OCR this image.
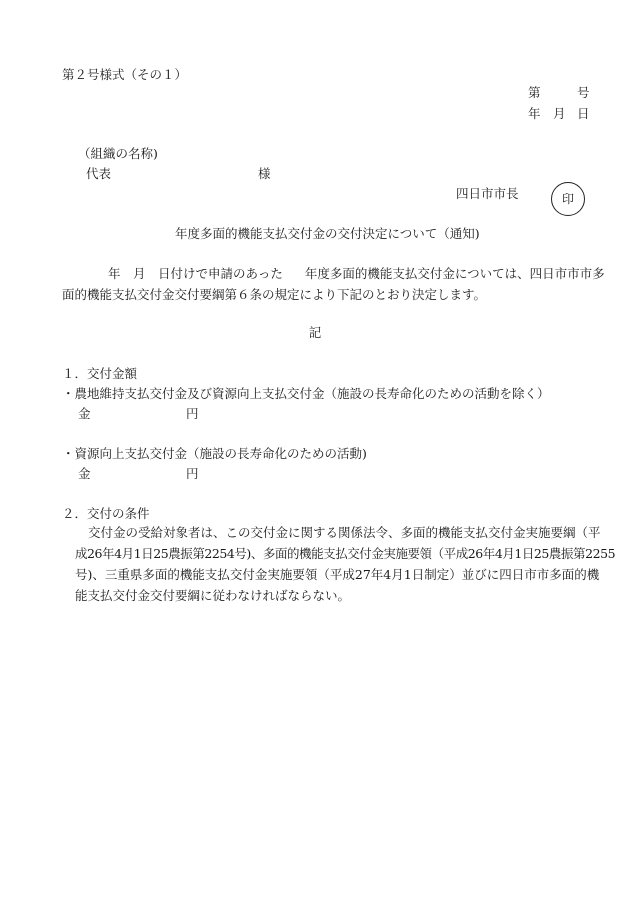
第２号様式（その１）
第	号
年 月 日
（組織の名称)
代表	様
四日市市長	印
年度多面的機能支払交付金の交付決定について（通知)
年　月　日付けで申請のあった 年度多面的機能支払交付金については、四日市市市多
面的機能支払交付金交付要綱第６条の規定により下記のとおり決定します。
記
１．交付金額
・農地維持支払交付金及び資源向上支払交付金（施設の長寿命化のための活動を除く）
金	円
・資源向上支払交付金（施設の長寿命化のための活動)
金	円
２．交付の条件
交付金の受給対象者は、この交付金に関する関係法令、多面的機能支払交付金実施要綱（平
成26年4月1日25農振第2254号)、多面的機能支払交付金実施要領（平成26年4月1日25農振第2255
号)、三重県多面的機能支払交付金実施要領（平成27年4月1日制定）並びに四日市市多面的機
能支払交付金交付要綱に従わなければならない。
